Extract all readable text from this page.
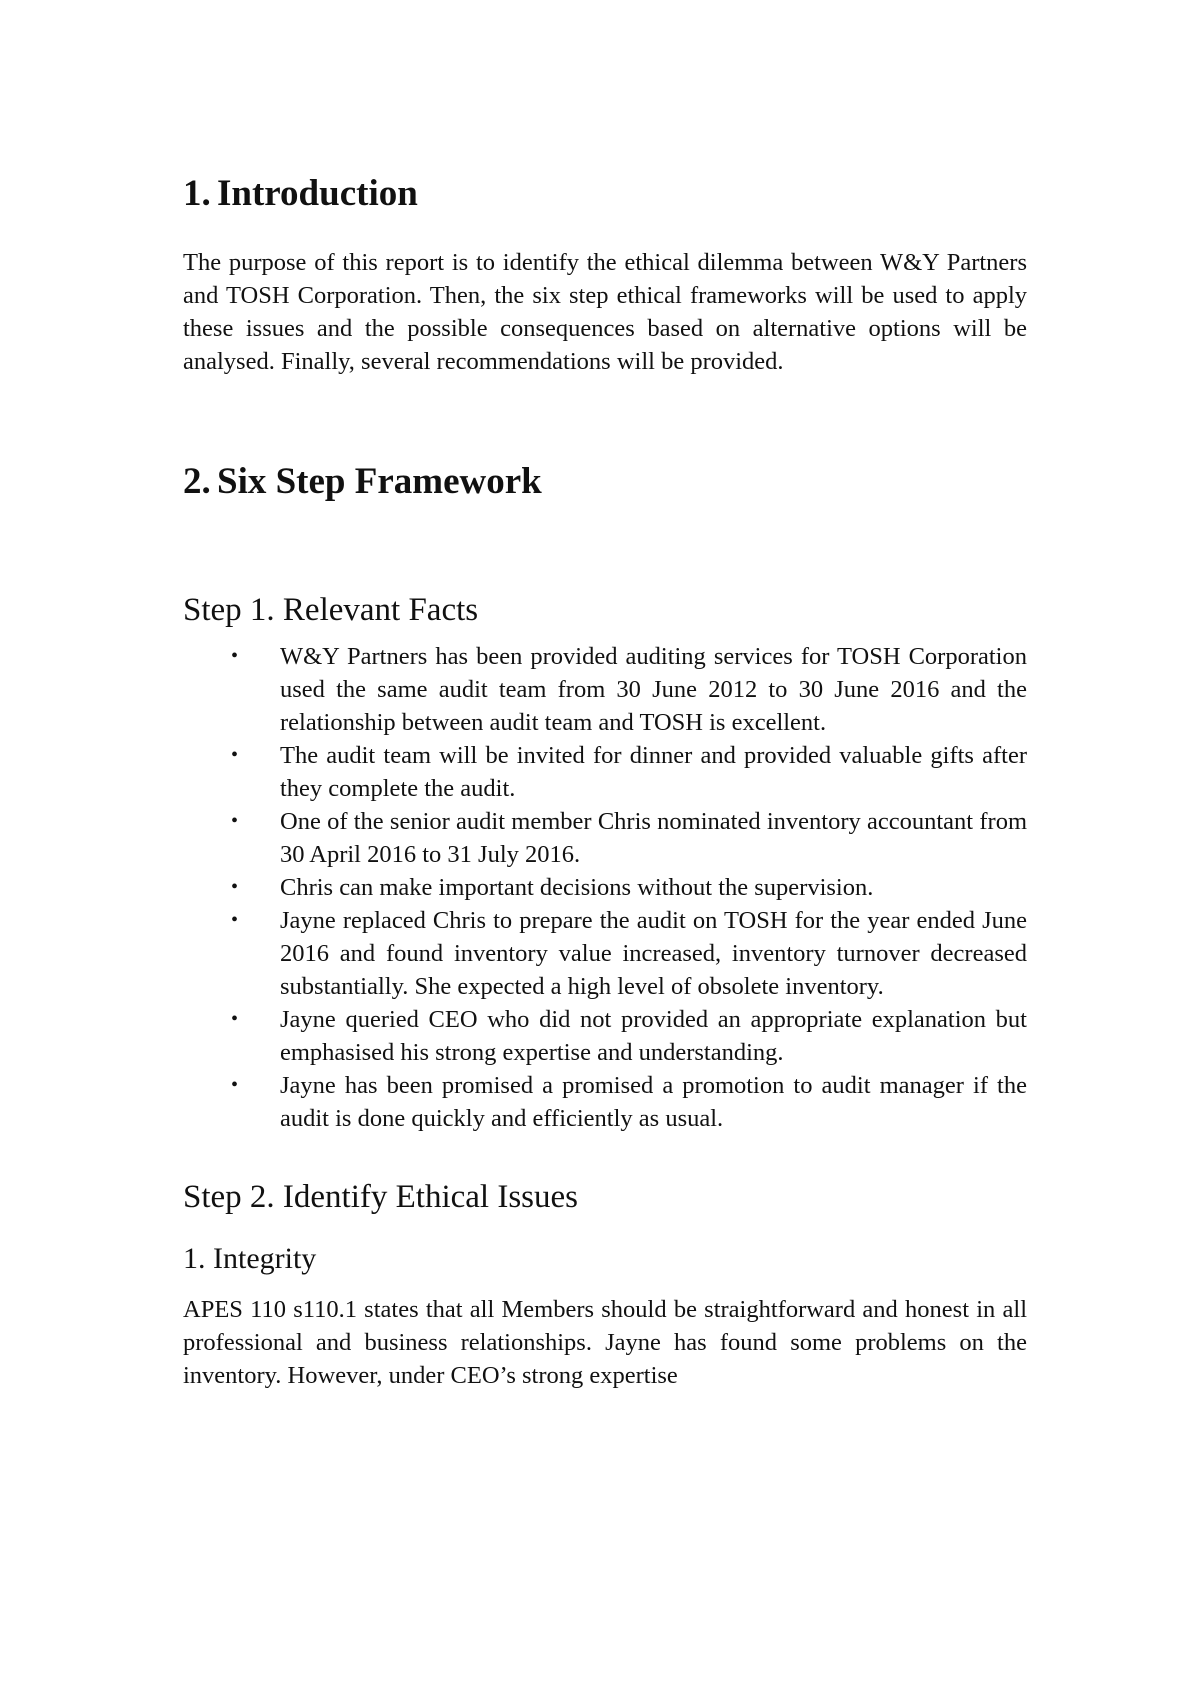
1. Introduction

The purpose of this report is to identify the ethical dilemma between W&Y Partners and TOSH Corporation. Then, the six step ethical frameworks will be used to apply these issues and the possible consequences based on alternative options will be analysed. Finally, several recommendations will be provided.

2. Six Step Framework
Step 1. Relevant Facts
• W&Y Partners has been provided auditing services for TOSH Corporation used the same audit team from 30 June 2012 to 30 June 2016 and the relationship between audit team and TOSH is excellent.
• The audit team will be invited for dinner and provided valuable gifts after they complete the audit.
• One of the senior audit member Chris nominated inventory accountant from 30 April 2016 to 31 July 2016.
• Chris can make important decisions without the supervision.
• Jayne replaced Chris to prepare the audit on TOSH for the year ended June 2016 and found inventory value increased, inventory turnover decreased substantially. She expected a high level of obsolete inventory.
• Jayne queried CEO who did not provided an appropriate explanation but emphasised his strong expertise and understanding.
• Jayne has been promised a promised a promotion to audit manager if the audit is done quickly and efficiently as usual.
Step 2. Identify Ethical Issues
1. Integrity

APES 110 s110.1 states that all Members should be straightforward and honest in all professional and business relationships. Jayne has found some problems on the inventory. However, under CEO’s strong expertise
